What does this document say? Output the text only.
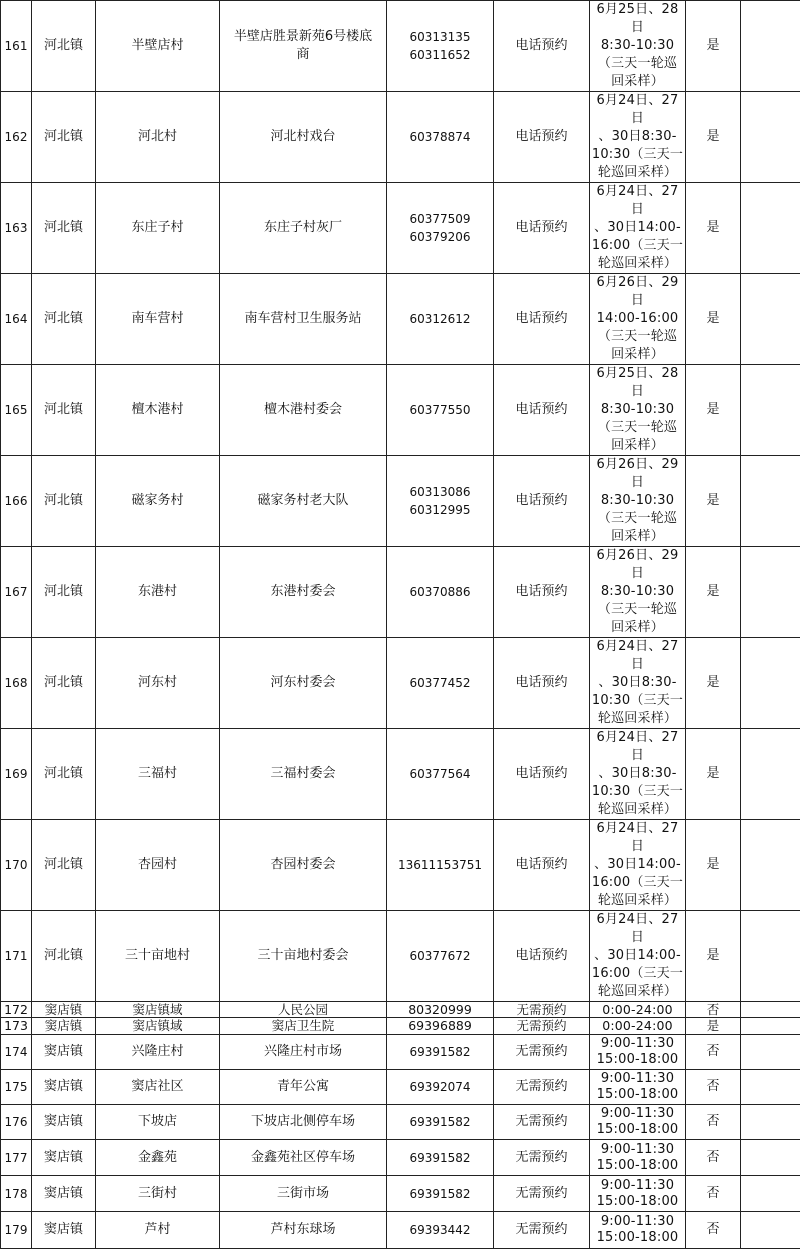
161	河北镇	半壁店村	半壁店胜景新苑6号楼底
商	60313135
60311652	电话预约	6月25日、28日
8:30-10:30
（三天一轮巡
回采样）	是	
162	河北镇	河北村	河北村戏台	60378874	电话预约	6月24日、27日
、30日8:30-
10:30（三天一
轮巡回采样）	是	
163	河北镇	东庄子村	东庄子村灰厂	60377509
60379206	电话预约	6月24日、27日
、30日14:00-
16:00（三天一
轮巡回采样）	是	
164	河北镇	南车营村	南车营村卫生服务站	60312612	电话预约	6月26日、29日
14:00-16:00
（三天一轮巡
回采样）	是	
165	河北镇	檀木港村	檀木港村委会	60377550	电话预约	6月25日、28日
8:30-10:30
（三天一轮巡
回采样）	是	
166	河北镇	磁家务村	磁家务村老大队	60313086
60312995	电话预约	6月26日、29日
8:30-10:30
（三天一轮巡
回采样）	是	
167	河北镇	东港村	东港村委会	60370886	电话预约	6月26日、29日
8:30-10:30
（三天一轮巡
回采样）	是	
168	河北镇	河东村	河东村委会	60377452	电话预约	6月24日、27日
、30日8:30-
10:30（三天一
轮巡回采样）	是	
169	河北镇	三福村	三福村委会	60377564	电话预约	6月24日、27日
、30日8:30-
10:30（三天一
轮巡回采样）	是	
170	河北镇	杏园村	杏园村委会	13611153751	电话预约	6月24日、27日
、30日14:00-
16:00（三天一
轮巡回采样）	是	
171	河北镇	三十亩地村	三十亩地村委会	60377672	电话预约	6月24日、27日
、30日14:00-
16:00（三天一
轮巡回采样）	是	
172	窦店镇	窦店镇域	人民公园	80320999	无需预约	0:00-24:00	否	
173	窦店镇	窦店镇域	窦店卫生院	69396889	无需预约	0:00-24:00	是	
174	窦店镇	兴隆庄村	兴隆庄村市场	69391582	无需预约	9:00-11:30
15:00-18:00	否	
175	窦店镇	窦店社区	青年公寓	69392074	无需预约	9:00-11:30
15:00-18:00	否	
176	窦店镇	下坡店	下坡店北侧停车场	69391582	无需预约	9:00-11:30
15:00-18:00	否	
177	窦店镇	金鑫苑	金鑫苑社区停车场	69391582	无需预约	9:00-11:30
15:00-18:00	否	
178	窦店镇	三街村	三街市场	69391582	无需预约	9:00-11:30
15:00-18:00	否	
179	窦店镇	芦村	芦村东球场	69393442	无需预约	9:00-11:30
15:00-18:00	否	
